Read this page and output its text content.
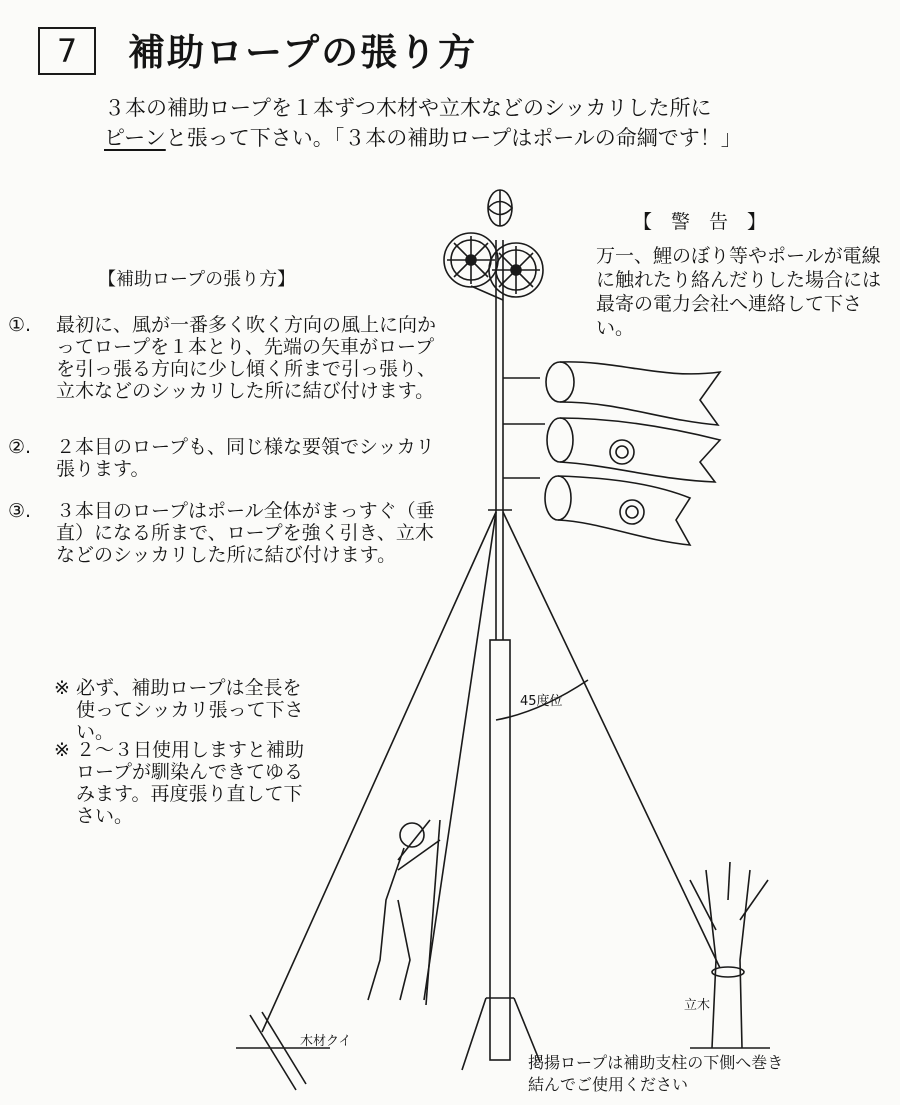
7	補助ロープの張り方
３本の補助ロープを１本ずつ木材や立木などのシッカリした所に
ピーンと張って下さい。「３本の補助ロープはポールの命綱です！」
【　警　告　】
万一、鯉のぼり等やポールが電線に触れたり絡んだりした場合には最寄の電力会社へ連絡して下さい。
【補助ロープの張り方】
①.	最初に、風が一番多く吹く方向の風上に向かってロープを１本とり、先端の矢車がロープを引っ張る方向に少し傾く所まで引っ張り、立木などのシッカリした所に結び付けます。
②.	２本目のロープも、同じ様な要領でシッカリ張ります。
③.	３本目のロープはポール全体がまっすぐ（垂直）になる所まで、ロープを強く引き、立木などのシッカリした所に結び付けます。
※ 必ず、補助ロープは全長を使ってシッカリ張って下さい。
※ ２～３日使用しますと補助ロープが馴染んできてゆるみます。再度張り直して下さい。
45度位
木材クイ
立木
掲揚ロープは補助支柱の下側へ巻き結んでご使用ください
